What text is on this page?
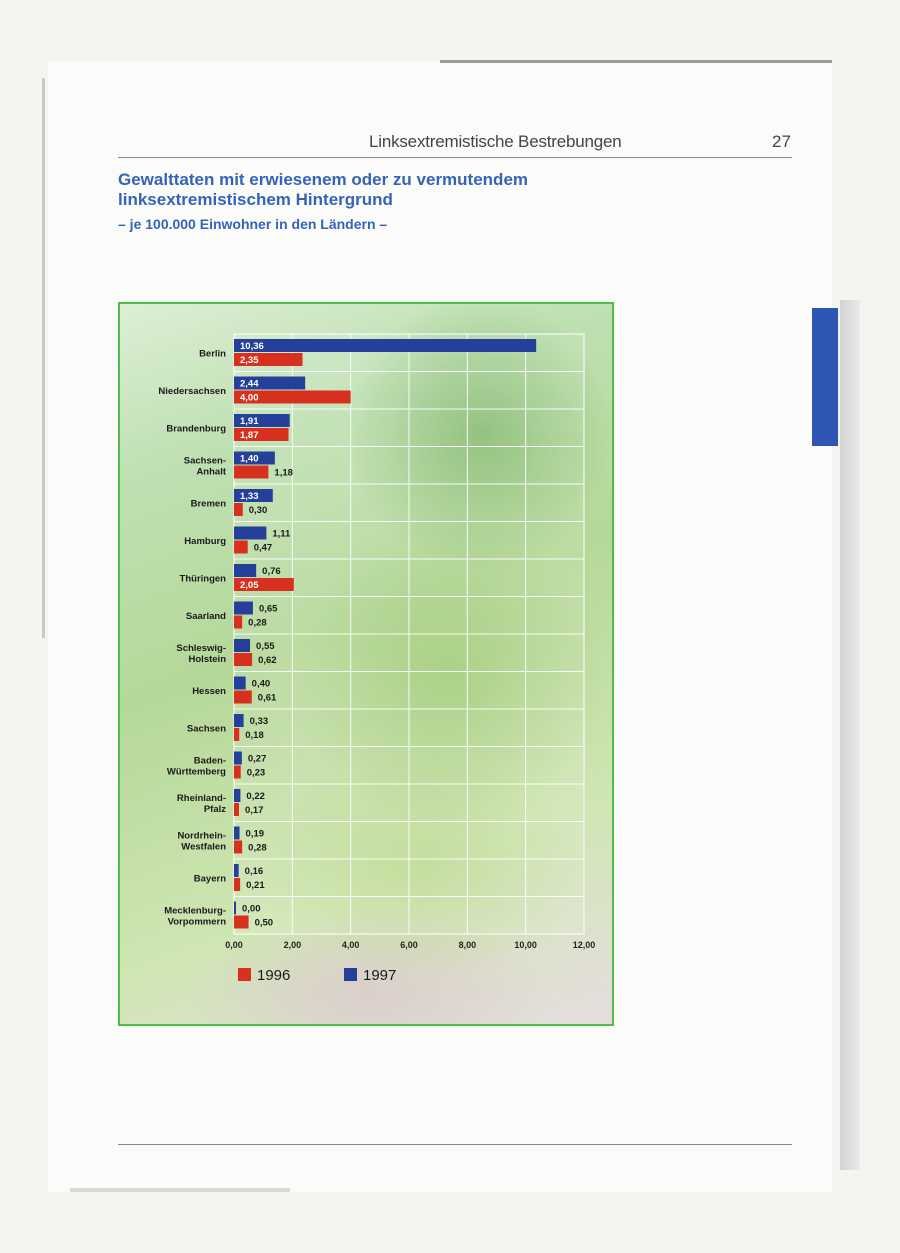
Linksextremistische Bestrebungen	27
Gewalttaten mit erwiesenem oder zu vermutendem
linksextremistischem Hintergrund
– je 100.000 Einwohner in den Ländern –
0,00	2,00	4,00	6,00	8,00	10,00	12,00
Berlin
10,36
2,35
Niedersachsen
2,44
4,00
Brandenburg
1,91
1,87
Sachsen-
Anhalt
1,40
1,18
Bremen
1,33
0,30
Hamburg
1,11
0,47
Thüringen
0,76
2,05
Saarland
0,65
0,28
Schleswig-
Holstein
0,55
0,62
Hessen
0,40
0,61
Sachsen
0,33
0,18
Baden-
Württemberg
0,27
0,23
Rheinland-
Pfalz
0,22
0,17
Nordrhein-
Westfalen
0,19
0,28
Bayern
0,16
0,21
Mecklenburg-
Vorpommern
0,00
0,50
1996	1997
